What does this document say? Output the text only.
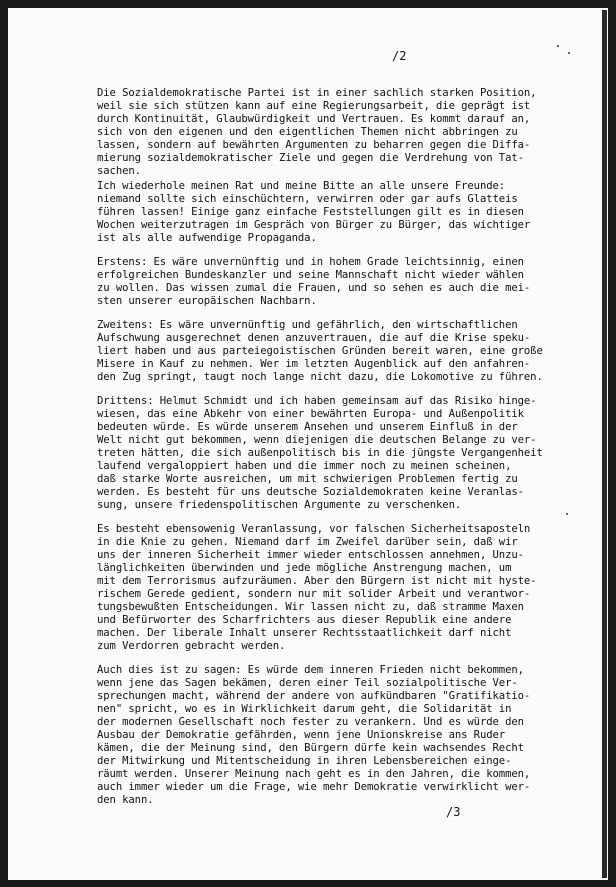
/2
Die Sozialdemokratische Partei ist in einer sachlich starken Position,
weil sie sich stützen kann auf eine Regierungsarbeit, die geprägt ist
durch Kontinuität, Glaubwürdigkeit und Vertrauen. Es kommt darauf an,
sich von den eigenen und den eigentlichen Themen nicht abbringen zu
lassen, sondern auf bewährten Argumenten zu beharren gegen die Diffa-
mierung sozialdemokratischer Ziele und gegen die Verdrehung von Tat-
sachen.
Ich wiederhole meinen Rat und meine Bitte an alle unsere Freunde:
niemand sollte sich einschüchtern, verwirren oder gar aufs Glatteis
führen lassen! Einige ganz einfache Feststellungen gilt es in diesen
Wochen weiterzutragen im Gespräch von Bürger zu Bürger, das wichtiger
ist als alle aufwendige Propaganda.
Erstens: Es wäre unvernünftig und in hohem Grade leichtsinnig, einen
erfolgreichen Bundeskanzler und seine Mannschaft nicht wieder wählen
zu wollen. Das wissen zumal die Frauen, und so sehen es auch die mei-
sten unserer europäischen Nachbarn.
Zweitens: Es wäre unvernünftig und gefährlich, den wirtschaftlichen
Aufschwung ausgerechnet denen anzuvertrauen, die auf die Krise speku-
liert haben und aus parteiegoistischen Gründen bereit waren, eine große
Misere in Kauf zu nehmen. Wer im letzten Augenblick auf den anfahren-
den Zug springt, taugt noch lange nicht dazu, die Lokomotive zu führen.
Drittens: Helmut Schmidt und ich haben gemeinsam auf das Risiko hinge-
wiesen, das eine Abkehr von einer bewährten Europa- und Außenpolitik
bedeuten würde. Es würde unserem Ansehen und unserem Einfluß in der
Welt nicht gut bekommen, wenn diejenigen die deutschen Belange zu ver-
treten hätten, die sich außenpolitisch bis in die jüngste Vergangenheit
laufend vergaloppiert haben und die immer noch zu meinen scheinen,
daß starke Worte ausreichen, um mit schwierigen Problemen fertig zu
werden. Es besteht für uns deutsche Sozialdemokraten keine Veranlas-
sung, unsere friedenspolitischen Argumente zu verschenken.
Es besteht ebensowenig Veranlassung, vor falschen Sicherheitsaposteln
in die Knie zu gehen. Niemand darf im Zweifel darüber sein, daß wir
uns der inneren Sicherheit immer wieder entschlossen annehmen, Unzu-
länglichkeiten überwinden und jede mögliche Anstrengung machen, um
mit dem Terrorismus aufzuräumen. Aber den Bürgern ist nicht mit hyste-
rischem Gerede gedient, sondern nur mit solider Arbeit und verantwor-
tungsbewußten Entscheidungen. Wir lassen nicht zu, daß stramme Maxen
und Befürworter des Scharfrichters aus dieser Republik eine andere
machen. Der liberale Inhalt unserer Rechtsstaatlichkeit darf nicht
zum Verdorren gebracht werden.
Auch dies ist zu sagen: Es würde dem inneren Frieden nicht bekommen,
wenn jene das Sagen bekämen, deren einer Teil sozialpolitische Ver-
sprechungen macht, während der andere von aufkündbaren "Gratifikatio-
nen" spricht, wo es in Wirklichkeit darum geht, die Solidarität in
der modernen Gesellschaft noch fester zu verankern. Und es würde den
Ausbau der Demokratie gefährden, wenn jene Unionskreise ans Ruder
kämen, die der Meinung sind, den Bürgern dürfe kein wachsendes Recht
der Mitwirkung und Mitentscheidung in ihren Lebensbereichen einge-
räumt werden. Unserer Meinung nach geht es in den Jahren, die kommen,
auch immer wieder um die Frage, wie mehr Demokratie verwirklicht wer-
den kann.
/3
